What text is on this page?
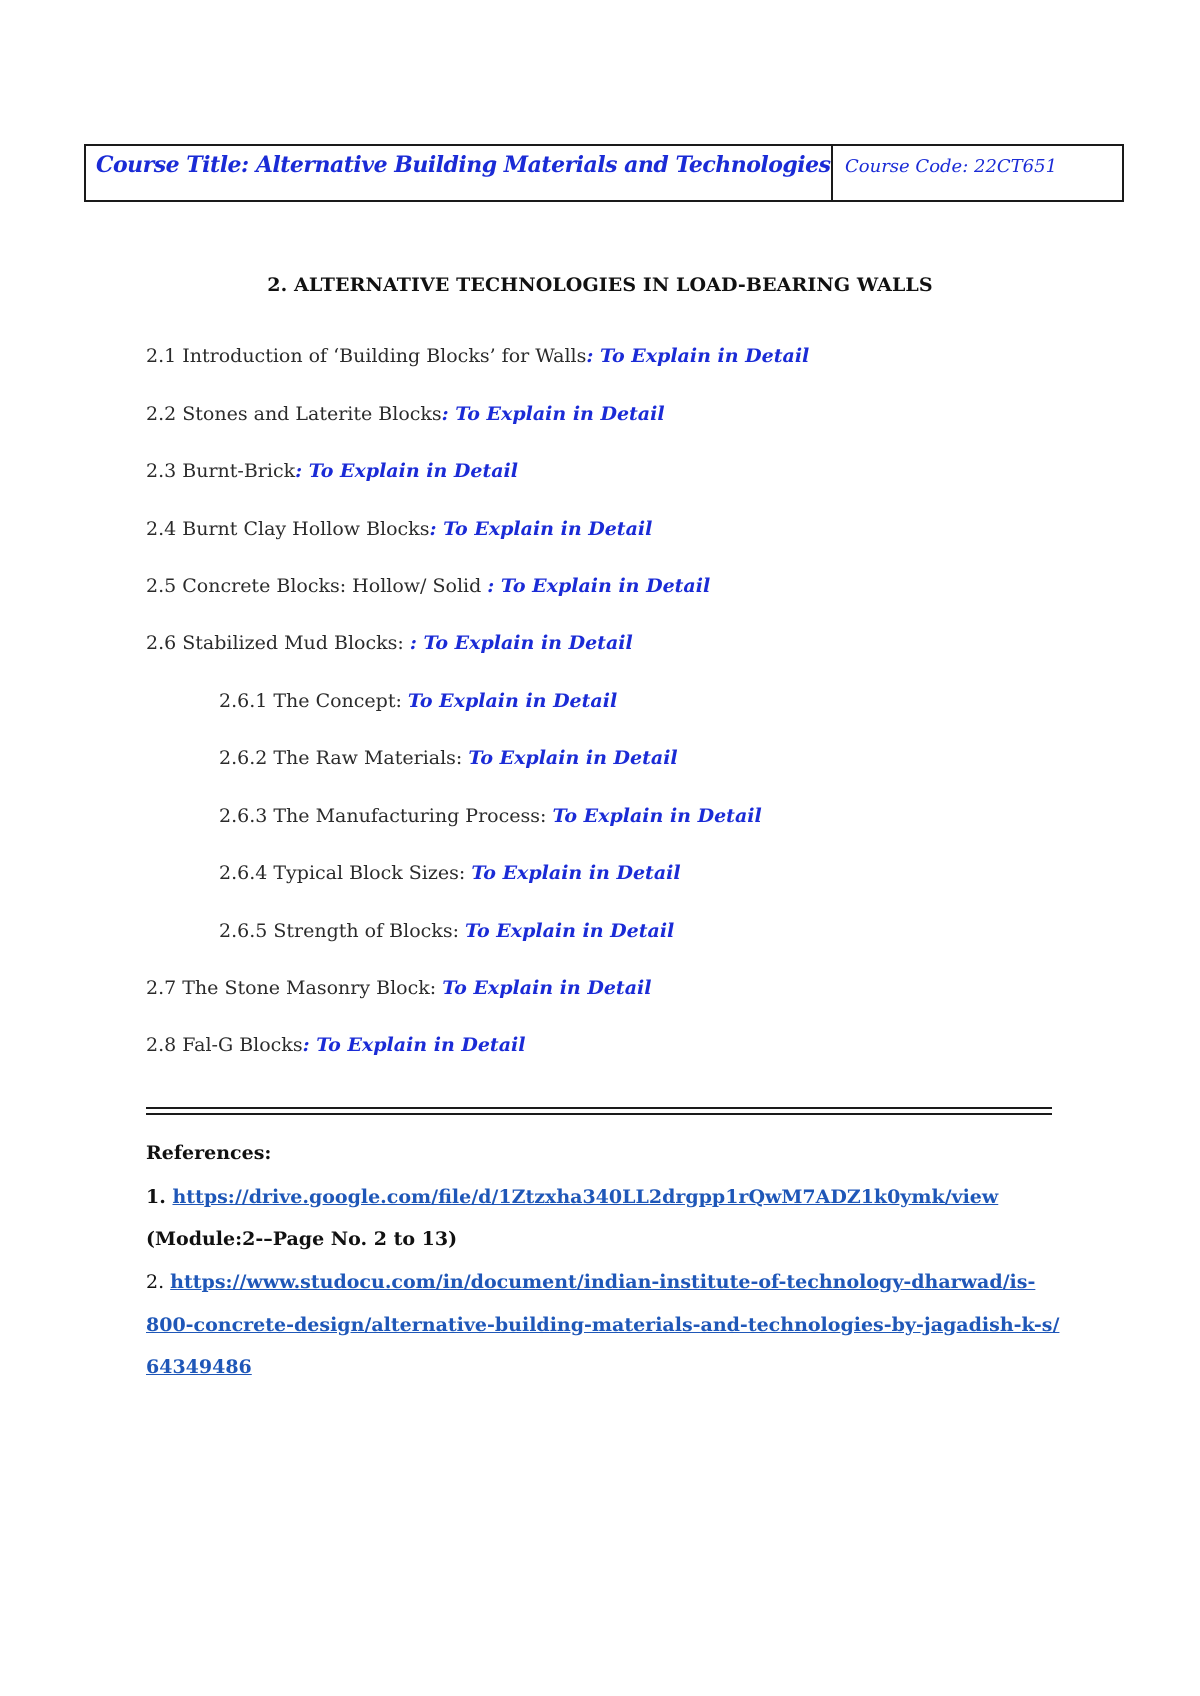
Course Title: Alternative Building Materials and Technologies Course Code: 22CT651
2. ALTERNATIVE TECHNOLOGIES IN LOAD-BEARING WALLS
2.1 Introduction of ‘Building Blocks’ for Walls: To Explain in Detail
2.2 Stones and Laterite Blocks: To Explain in Detail
2.3 Burnt-Brick: To Explain in Detail
2.4 Burnt Clay Hollow Blocks: To Explain in Detail
2.5 Concrete Blocks: Hollow/ Solid : To Explain in Detail
2.6 Stabilized Mud Blocks: : To Explain in Detail
2.6.1 The Concept: To Explain in Detail
2.6.2 The Raw Materials: To Explain in Detail
2.6.3 The Manufacturing Process: To Explain in Detail
2.6.4 Typical Block Sizes: To Explain in Detail
2.6.5 Strength of Blocks: To Explain in Detail
2.7 The Stone Masonry Block: To Explain in Detail
2.8 Fal-G Blocks: To Explain in Detail
References:
1. https://drive.google.com/file/d/1Ztzxha340LL2drgpp1rQwM7ADZ1k0ymk/view
(Module:2-–Page No. 2 to 13)
2. https://www.studocu.com/in/document/indian-institute-of-technology-dharwad/is-
800-concrete-design/alternative-building-materials-and-technologies-by-jagadish-k-s/
64349486
